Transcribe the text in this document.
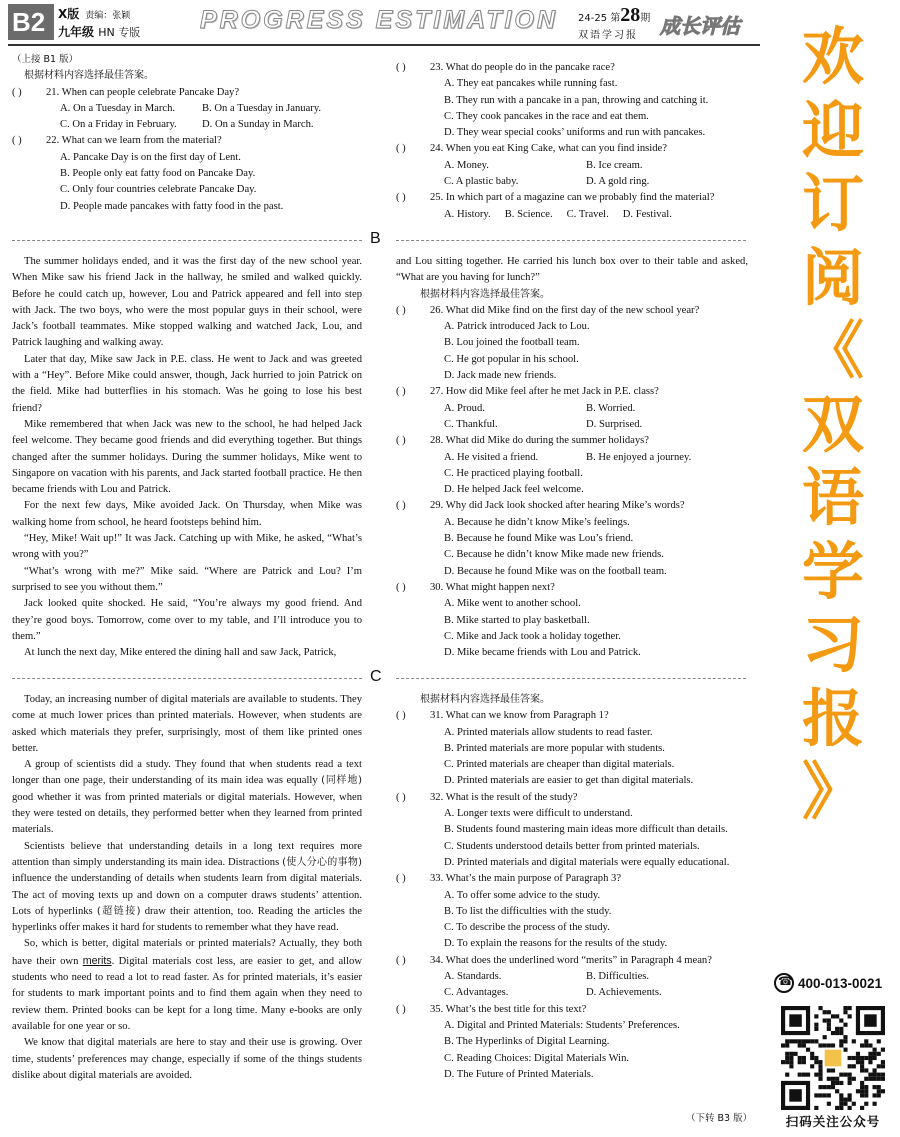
B2	X版 责编：张颖
九年级 HN 专版 PROGRESS ESTIMATION 24-25 第28期
双语学习报 成长评估
（上接 B1 版）
根据材料内容选择最佳答案。
( ) 21. When can people celebrate Pancake Day?
A. On a Tuesday in March.	B. On a Tuesday in January.
C. On a Friday in February.	D. On a Sunday in March.
( ) 22. What can we learn from the material?
A. Pancake Day is on the first day of Lent.
B. People only eat fatty food on Pancake Day.
C. Only four countries celebrate Pancake Day.
D. People made pancakes with fatty food in the past.
( ) 23. What do people do in the pancake race?
A. They eat pancakes while running fast.
B. They run with a pancake in a pan, throwing and catching it.
C. They cook pancakes in the race and eat them.
D. They wear special cooks’ uniforms and run with pancakes.
( ) 24. When you eat King Cake, what can you find inside?
A. Money.	B. Ice cream.
C. A plastic baby.	D. A gold ring.
( ) 25. In which part of a magazine can we probably find the material?
A. History. B. Science. C. Travel. D. Festival.
B
The summer holidays ended, and it was the first day of the new school year. When Mike saw his friend Jack in the hallway, he smiled and walked quickly. Before he could catch up, however, Lou and Patrick appeared and fell into step with Jack. The two boys, who were the most popular guys in their school, were Jack’s football teammates. Mike stopped walking and watched Jack, Lou, and Patrick laughing and walking away.
Later that day, Mike saw Jack in P.E. class. He went to Jack and was greeted with a “Hey”. Before Mike could answer, though, Jack hurried to join Patrick on the field. Mike had butterflies in his stomach. Was he going to lose his best friend?
Mike remembered that when Jack was new to the school, he had helped Jack feel welcome. They became good friends and did everything together. But things changed after the summer holidays. During the summer holidays, Mike went to Singapore on vacation with his parents, and Jack started football practice. He then became friends with Lou and Patrick.
For the next few days, Mike avoided Jack. On Thursday, when Mike was walking home from school, he heard footsteps behind him.
“Hey, Mike! Wait up!” It was Jack. Catching up with Mike, he asked, “What’s wrong with you?”
“What’s wrong with me?” Mike said. “Where are Patrick and Lou? I’m surprised to see you without them.”
Jack looked quite shocked. He said, “You’re always my good friend. And they’re good boys. Tomorrow, come over to my table, and I’ll introduce you to them.”
At lunch the next day, Mike entered the dining hall and saw Jack, Patrick,
and Lou sitting together. He carried his lunch box over to their table and asked, “What are you having for lunch?”
根据材料内容选择最佳答案。
( ) 26. What did Mike find on the first day of the new school year?
A. Patrick introduced Jack to Lou.
B. Lou joined the football team.
C. He got popular in his school.
D. Jack made new friends.
( ) 27. How did Mike feel after he met Jack in P.E. class?
A. Proud.	B. Worried.
C. Thankful.	D. Surprised.
( ) 28. What did Mike do during the summer holidays?
A. He visited a friend.	B. He enjoyed a journey.
C. He practiced playing football.
D. He helped Jack feel welcome.
( ) 29. Why did Jack look shocked after hearing Mike’s words?
A. Because he didn’t know Mike’s feelings.
B. Because he found Mike was Lou’s friend.
C. Because he didn’t know Mike made new friends.
D. Because he found Mike was on the football team.
( ) 30. What might happen next?
A. Mike went to another school.
B. Mike started to play basketball.
C. Mike and Jack took a holiday together.
D. Mike became friends with Lou and Patrick.
C
Today, an increasing number of digital materials are available to students. They come at much lower prices than printed materials. However, when students are asked which materials they prefer, surprisingly, most of them like printed ones better.
A group of scientists did a study. They found that when students read a text longer than one page, their understanding of its main idea was equally (同样地) good whether it was from printed materials or digital materials. However, when they were tested on details, they performed better when they learned from printed materials.
Scientists believe that understanding details in a long text requires more attention than simply understanding its main idea. Distractions (使人分心的事物) influence the understanding of details when students learn from digital materials. The act of moving texts up and down on a computer draws students’ attention. Lots of hyperlinks (超链接) draw their attention, too. Reading the articles the hyperlinks offer makes it hard for students to remember what they have read.
So, which is better, digital materials or printed materials? Actually, they both have their own merits. Digital materials cost less, are easier to get, and allow students who need to read a lot to read faster. As for printed materials, it’s easier for students to mark important points and to find them again when they need to review them. Printed books can be kept for a long time. Many e-books are only available for one year or so.
We know that digital materials are here to stay and their use is growing. Over time, students’ preferences may change, especially if some of the things students dislike about digital materials are avoided.
根据材料内容选择最佳答案。
( ) 31. What can we know from Paragraph 1?
A. Printed materials allow students to read faster.
B. Printed materials are more popular with students.
C. Printed materials are cheaper than digital materials.
D. Printed materials are easier to get than digital materials.
( ) 32. What is the result of the study?
A. Longer texts were difficult to understand.
B. Students found mastering main ideas more difficult than details.
C. Students understood details better from printed materials.
D. Printed materials and digital materials were equally educational.
( ) 33. What’s the main purpose of Paragraph 3?
A. To offer some advice to the study.
B. To list the difficulties with the study.
C. To describe the process of the study.
D. To explain the reasons for the results of the study.
( ) 34. What does the underlined word “merits” in Paragraph 4 mean?
A. Standards.	B. Difficulties.
C. Advantages.	D. Achievements.
( ) 35. What’s the best title for this text?
A. Digital and Printed Materials: Students’ Preferences.
B. The Hyperlinks of Digital Learning.
C. Reading Choices: Digital Materials Win.
D. The Future of Printed Materials.
（下转 B3 版）
欢
迎
订
阅
《
双
语
学
习
报
》
☎
400-013-0021
扫码关注公众号
